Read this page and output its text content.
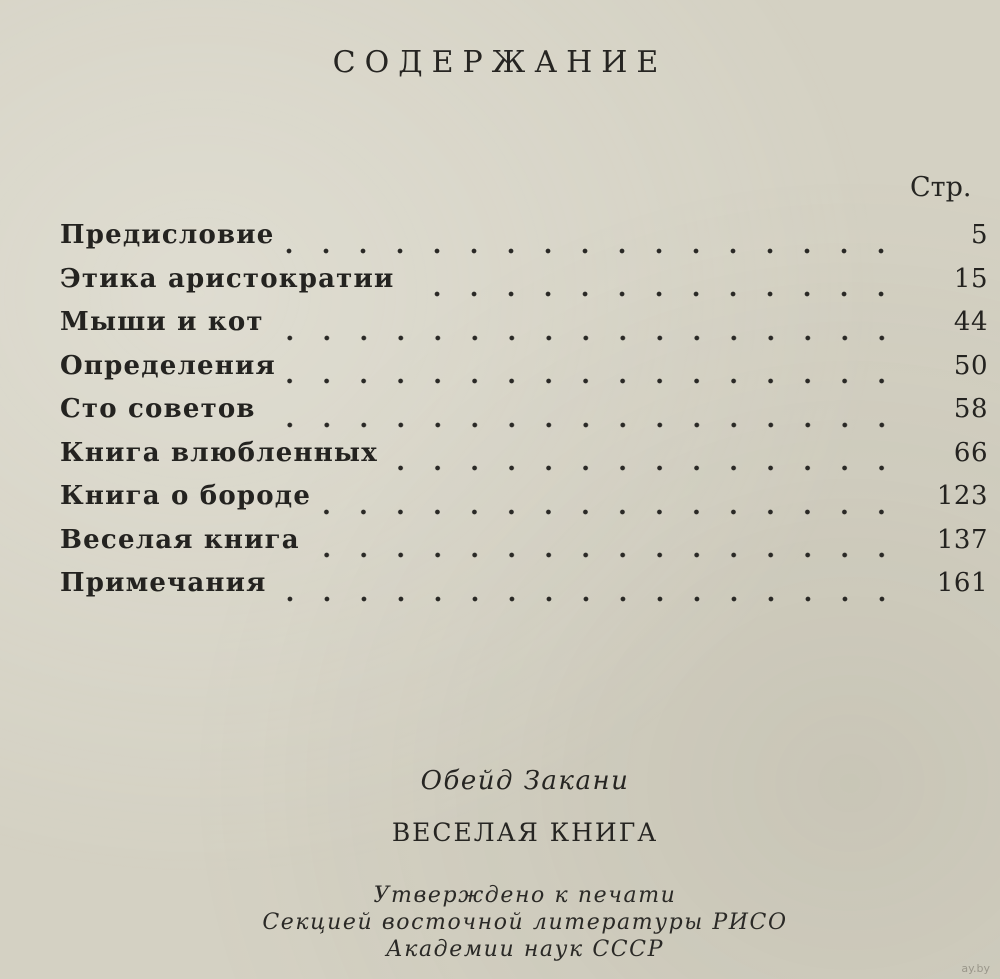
СОДЕРЖАНИЕ
Стр.
Предисловие	5
Этика аристократии	15
Мыши и кот	44
Определения	50
Сто советов	58
Книга влюбленных	66
Книга о бороде	123
Веселая книга	137
Примечания	161
Обейд Закани
ВЕСЕЛАЯ КНИГА
Утверждено к печати
Секцией восточной литературы РИСО
Академии наук СССР
ay.by
